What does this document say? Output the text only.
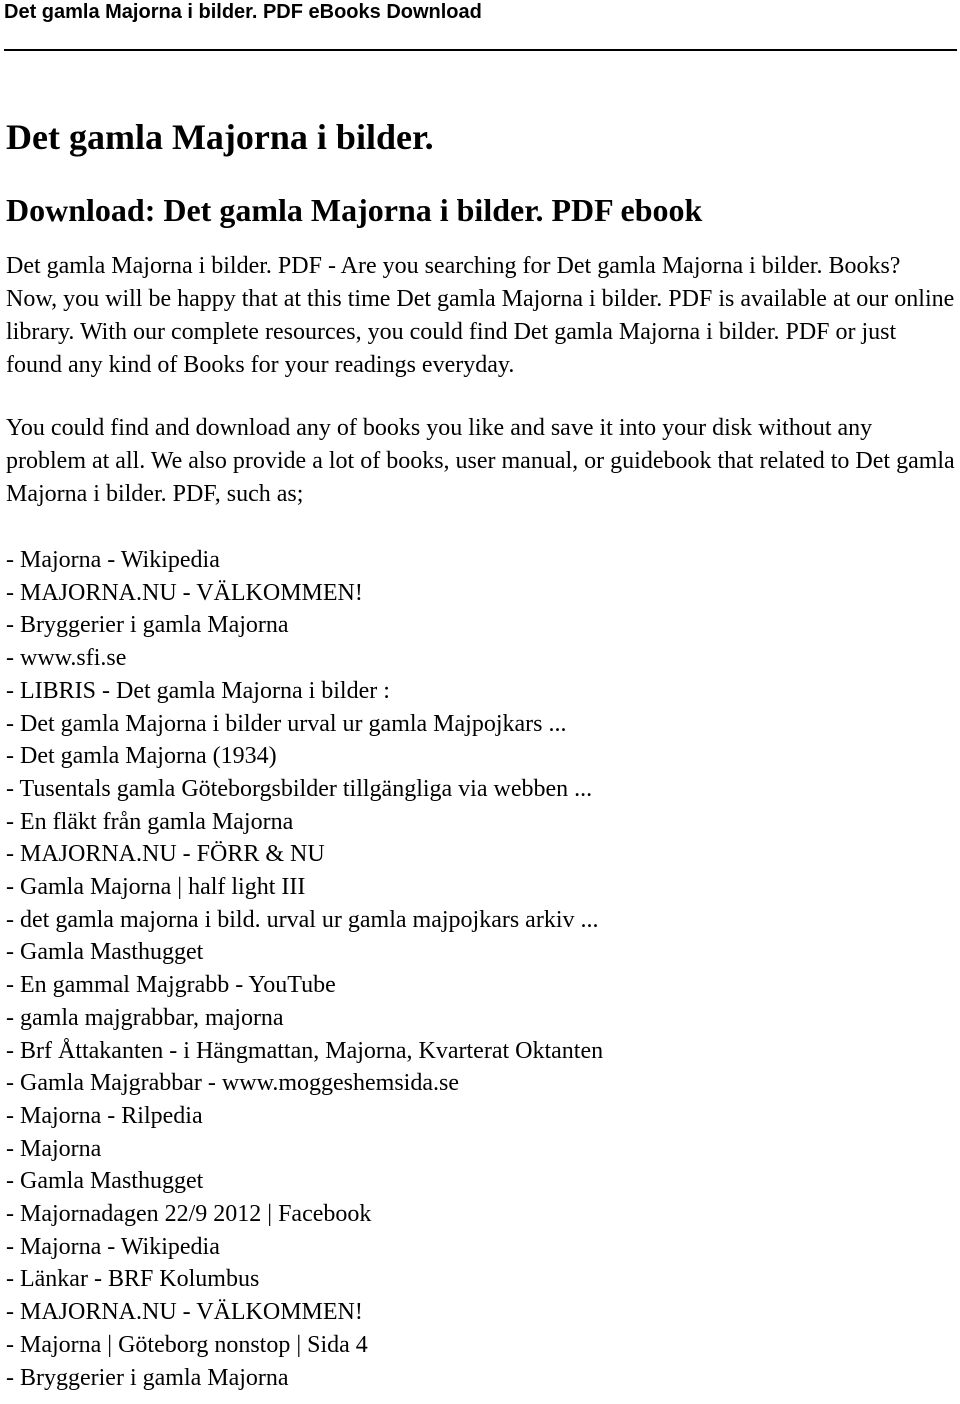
Det gamla Majorna i bilder. PDF eBooks Download
Det gamla Majorna i bilder.
Download: Det gamla Majorna i bilder. PDF ebook

Det gamla Majorna i bilder. PDF - Are you searching for Det gamla Majorna i bilder. Books? Now, you will be happy that at this time Det gamla Majorna i bilder. PDF is available at our online library. With our complete resources, you could find Det gamla Majorna i bilder. PDF or just found any kind of Books for your readings everyday.

You could find and download any of books you like and save it into your disk without any problem at all. We also provide a lot of books, user manual, or guidebook that related to Det gamla Majorna i bilder. PDF, such as;

- Majorna - Wikipedia
- MAJORNA.NU - VÄLKOMMEN!
- Bryggerier i gamla Majorna
- www.sfi.se
- LIBRIS - Det gamla Majorna i bilder :
- Det gamla Majorna i bilder urval ur gamla Majpojkars ...
- Det gamla Majorna (1934)
- Tusentals gamla Göteborgsbilder tillgängliga via webben ...
- En fläkt från gamla Majorna
- MAJORNA.NU - FÖRR & NU
- Gamla Majorna | half light III
- det gamla majorna i bild. urval ur gamla majpojkars arkiv ...
- Gamla Masthugget
- En gammal Majgrabb - YouTube
- gamla majgrabbar, majorna
- Brf Åttakanten - i Hängmattan, Majorna, Kvarterat Oktanten
- Gamla Majgrabbar - www.moggeshemsida.se
- Majorna - Rilpedia
- Majorna
- Gamla Masthugget
- Majornadagen 22/9 2012 | Facebook
- Majorna - Wikipedia
- Länkar - BRF Kolumbus
- MAJORNA.NU - VÄLKOMMEN!
- Majorna | Göteborg nonstop | Sida 4
- Bryggerier i gamla Majorna
